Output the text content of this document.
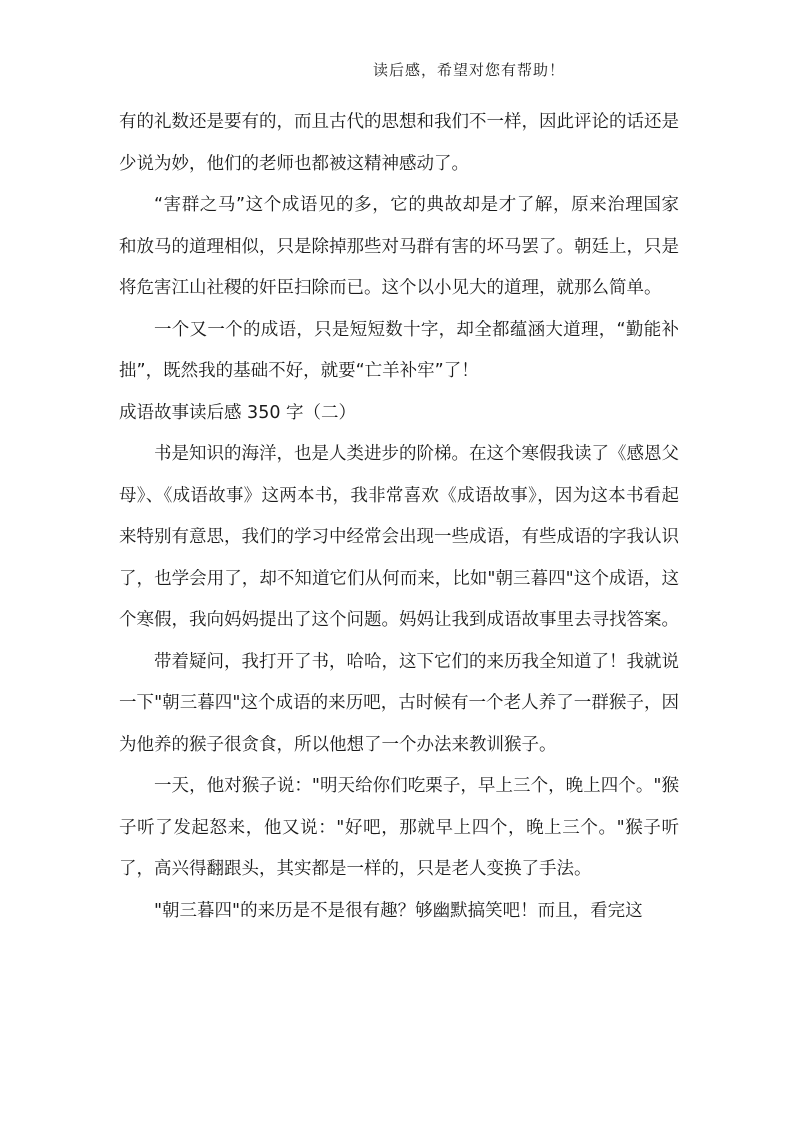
读后感，希望对您有帮助！

有的礼数还是要有的，而且古代的思想和我们不一样，因此评论的话还是少说为妙，他们的老师也都被这精神感动了。

“害群之马”这个成语见的多，它的典故却是才了解，原来治理国家和放马的道理相似，只是除掉那些对马群有害的坏马罢了。朝廷上，只是将危害江山社稷的奸臣扫除而已。这个以小见大的道理，就那么简单。

一个又一个的成语，只是短短数十字，却全都蕴涵大道理，“勤能补拙”，既然我的基础不好，就要“亡羊补牢”了！

成语故事读后感 350 字（二）

书是知识的海洋，也是人类进步的阶梯。在这个寒假我读了《感恩父母》、《成语故事》这两本书，我非常喜欢《成语故事》，因为这本书看起来特别有意思，我们的学习中经常会出现一些成语，有些成语的字我认识了，也学会用了，却不知道它们从何而来，比如"朝三暮四"这个成语，这个寒假，我向妈妈提出了这个问题。妈妈让我到成语故事里去寻找答案。

带着疑问，我打开了书，哈哈，这下它们的来历我全知道了！我就说一下"朝三暮四"这个成语的来历吧，古时候有一个老人养了一群猴子，因为他养的猴子很贪食，所以他想了一个办法来教训猴子。

一天，他对猴子说："明天给你们吃栗子，早上三个，晚上四个。"猴子听了发起怒来，他又说："好吧，那就早上四个，晚上三个。"猴子听了，高兴得翻跟头，其实都是一样的，只是老人变换了手法。

"朝三暮四"的来历是不是很有趣？够幽默搞笑吧！而且，看完这
